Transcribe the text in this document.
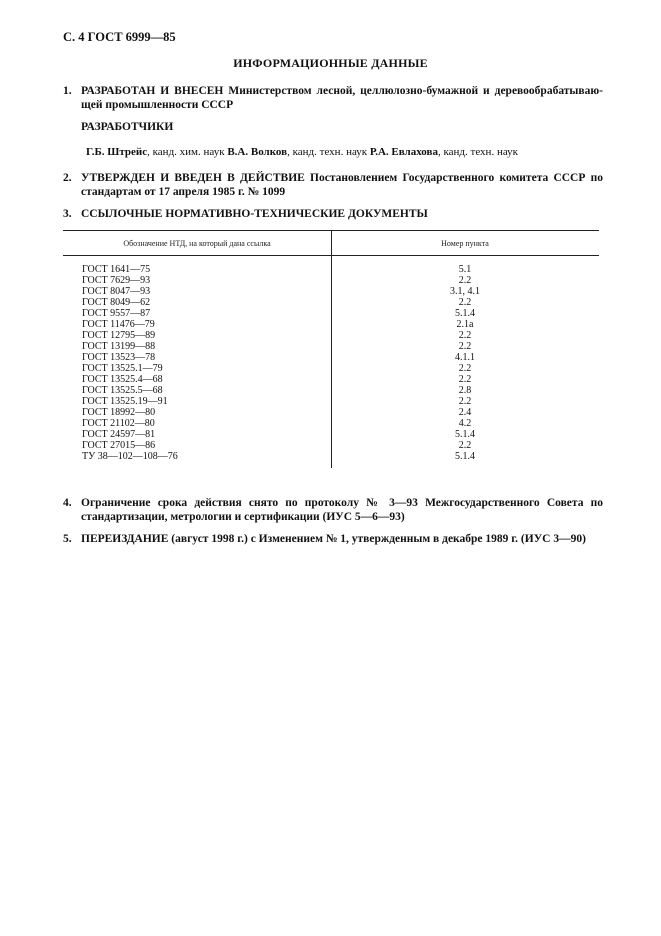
С. 4 ГОСТ 6999—85
ИНФОРМАЦИОННЫЕ ДАННЫЕ
1. РАЗРАБОТАН И ВНЕСЕН Министерством лесной, целлюлозно-бумажной и деревообрабатываю-щей промышленности СССР
РАЗРАБОТЧИКИ
Г.Б. Штрейс, канд. хим. наук В.А. Волков, канд. техн. наук Р.А. Евлахова, канд. техн. наук
2. УТВЕРЖДЕН И ВВЕДЕН В ДЕЙСТВИЕ Постановлением Государственного комитета СССР по стандартам от 17 апреля 1985 г. № 1099
3. ССЫЛОЧНЫЕ НОРМАТИВНО-ТЕХНИЧЕСКИЕ ДОКУМЕНТЫ
Обозначение НТД, на который дана ссылка	Номер пункта
ГОСТ 1641—75
ГОСТ 7629—93
ГОСТ 8047—93
ГОСТ 8049—62
ГОСТ 9557—87
ГОСТ 11476—79
ГОСТ 12795—89
ГОСТ 13199—88
ГОСТ 13523—78
ГОСТ 13525.1—79
ГОСТ 13525.4—68
ГОСТ 13525.5—68
ГОСТ 13525.19—91
ГОСТ 18992—80
ГОСТ 21102—80
ГОСТ 24597—81
ГОСТ 27015—86
ТУ 38—102—108—76
5.1
2.2
3.1, 4.1
2.2
5.1.4
2.1а
2.2
2.2
4.1.1
2.2
2.2
2.8
2.2
2.4
4.2
5.1.4
2.2
5.1.4
4. Ограничение срока действия снято по протоколу № 3—93 Межгосударственного Совета по стандартизации, метрологии и сертификации (ИУС 5—6—93)
5. ПЕРЕИЗДАНИЕ (август 1998 г.) с Изменением № 1, утвержденным в декабре 1989 г. (ИУС 3—90)
